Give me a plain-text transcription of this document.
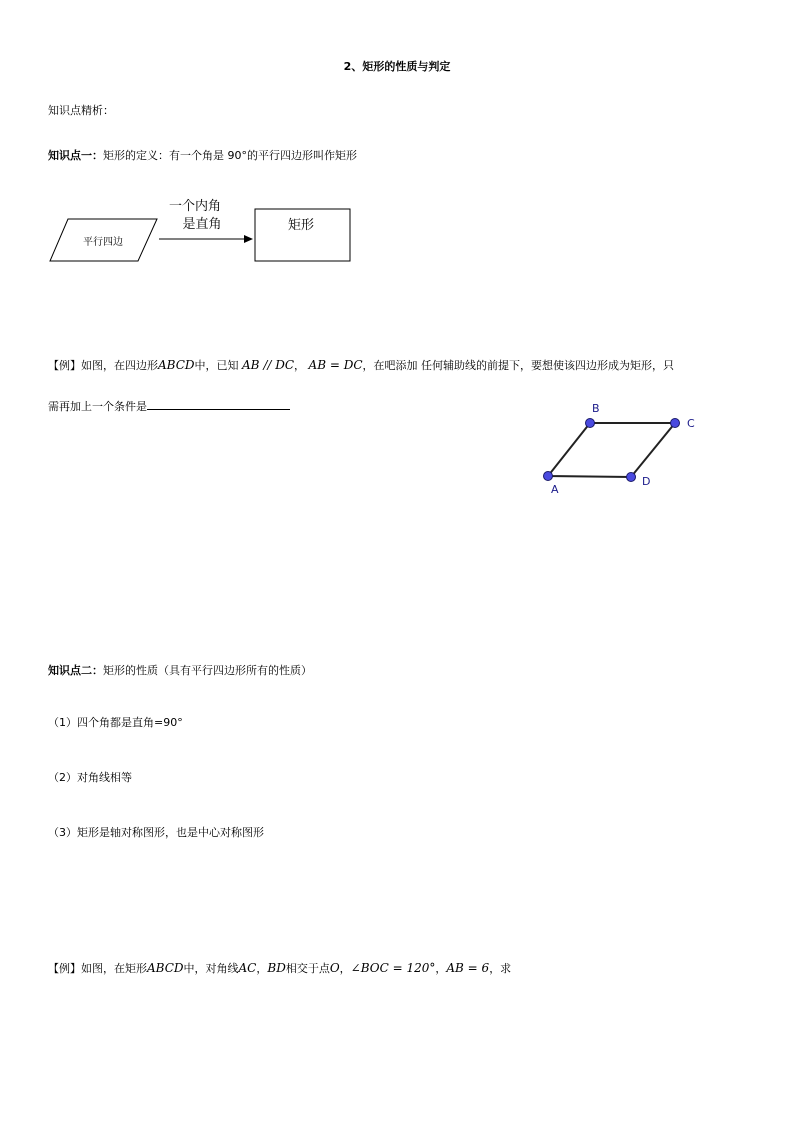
2、矩形的性质与判定
知识点精析：
知识点一：矩形的定义：有一个角是 90°的平行四边形叫作矩形
平行四边
一个内角
是直角	矩形
【例】如图，在四边形ABCD中，已知 AB // DC， AB = DC，在吧添加 任何辅助线的前提下，要想使该四边形成为矩形，只
需再加上一个条件是	B
C
A
D
知识点二：矩形的性质（具有平行四边形所有的性质）
（1）四个角都是直角=90°
（2）对角线相等
（3）矩形是轴对称图形，也是中心对称图形
【例】如图，在矩形ABCD中，对角线AC，BD相交于点O，∠BOC = 120°，AB = 6，求
